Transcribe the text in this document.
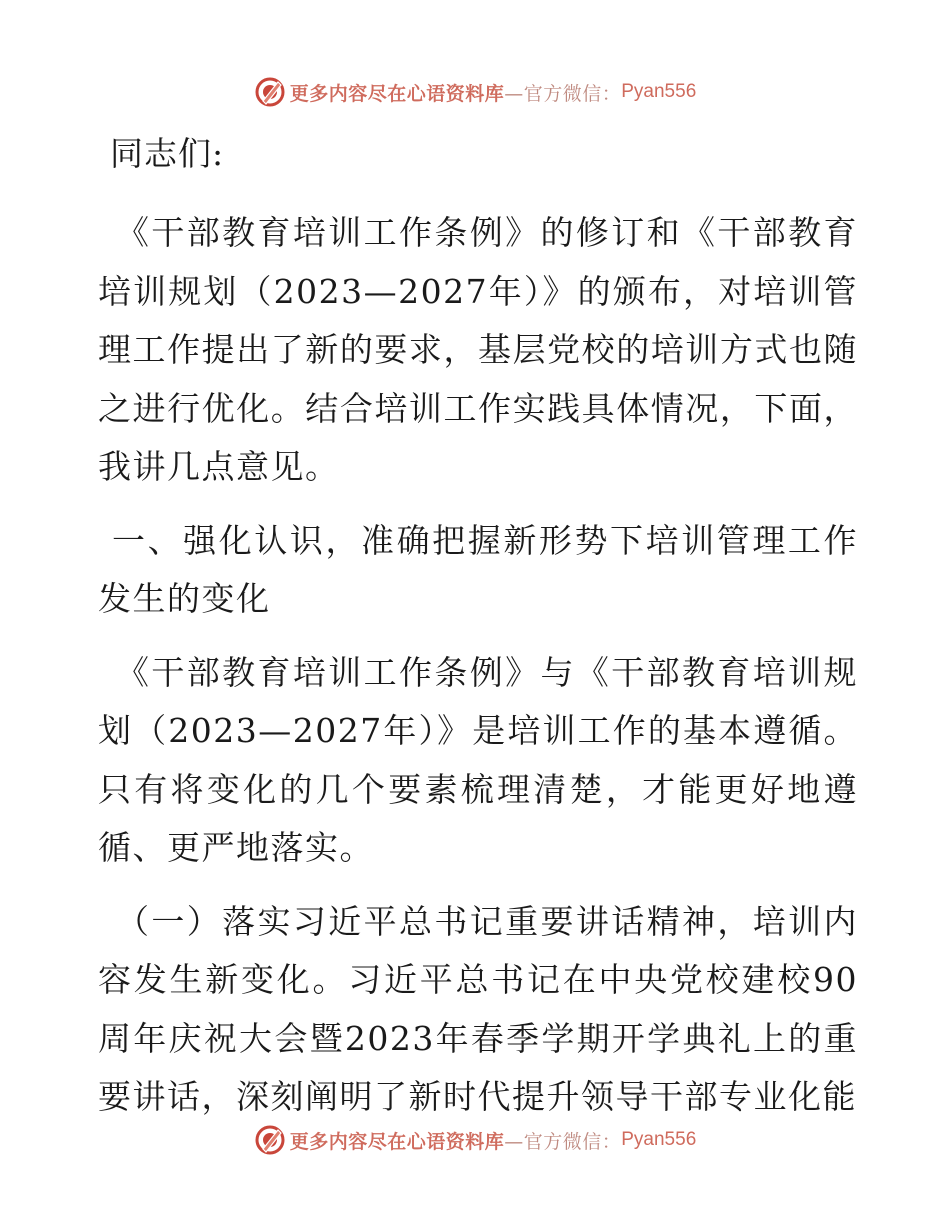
更多内容尽在心语资料库 —官方微信： Pyan556
同志们:

《干部教育培训工作条例》的修订和《干部教育培训规划（2023—2027年）》的颁布，对培训管理工作提出了新的要求，基层党校的培训方式也随之进行优化。结合培训工作实践具体情况，下面，我讲几点意见。

一、强化认识，准确把握新形势下培训管理工作发生的变化

《干部教育培训工作条例》与《干部教育培训规划（2023—2027年）》是培训工作的基本遵循。只有将变化的几个要素梳理清楚，才能更好地遵循、更严地落实。

（一）落实习近平总书记重要讲话精神，培训内容发生新变化。习近平总书记在中央党校建校90周年庆祝大会暨2023年春季学期开学典礼上的重要讲话，深刻阐明了新时代提升领导干部专业化能

更多内容尽在心语资料库 —官方微信： Pyan556
